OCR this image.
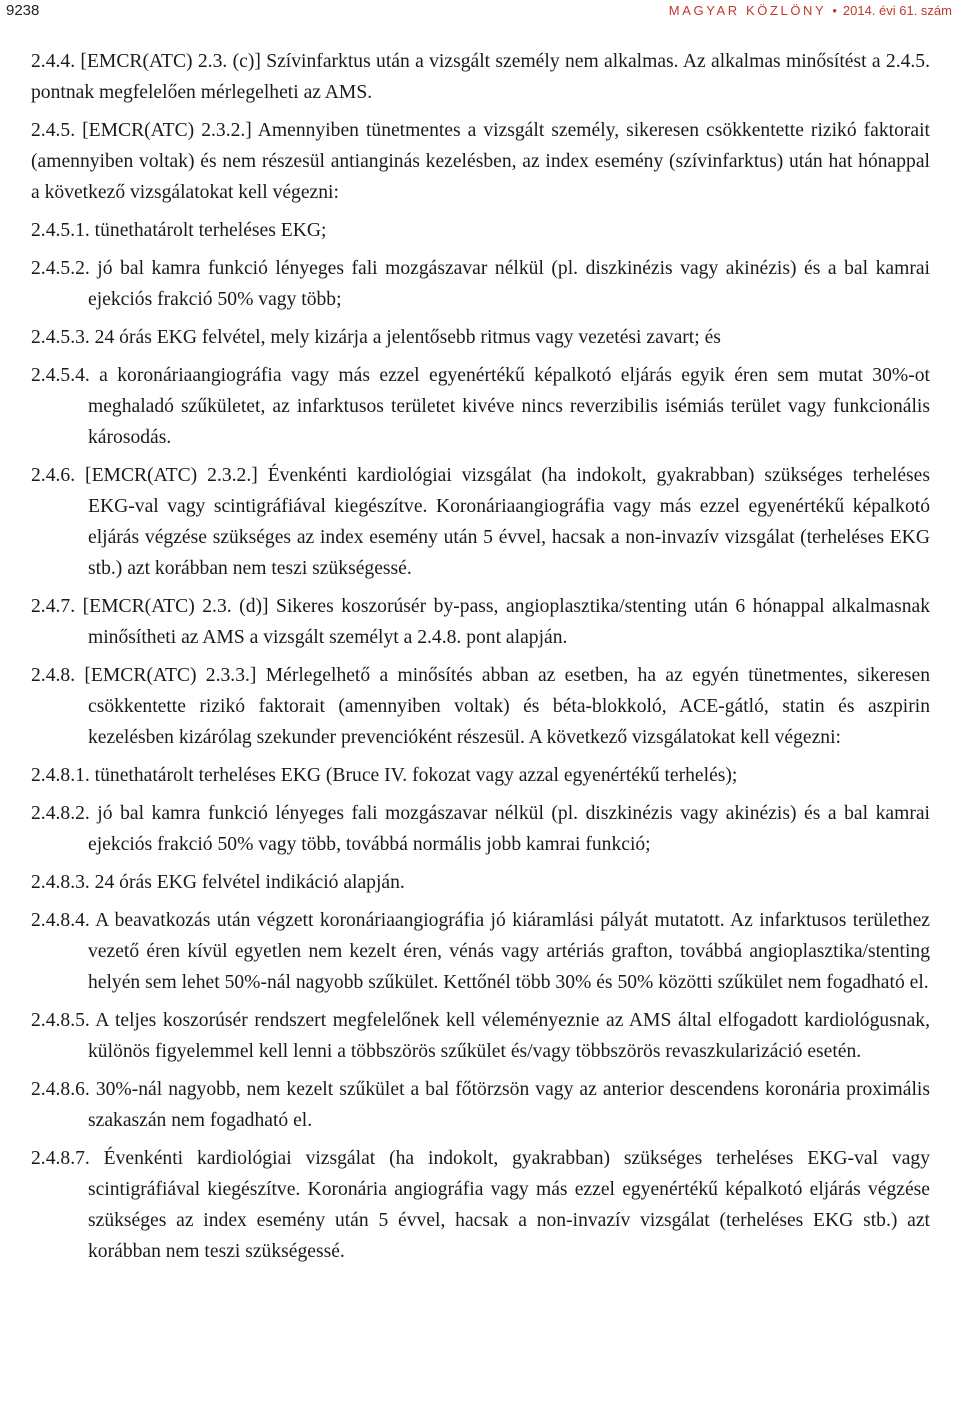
9238	MAGYAR KÖZLÖNY • 2014. évi 61. szám

2.4.4. [EMCR(ATC) 2.3. (c)] Szívinfarktus után a vizsgált személy nem alkalmas. Az alkalmas minősítést a 2.4.5. pontnak megfelelően mérlegelheti az AMS.

2.4.5. [EMCR(ATC) 2.3.2.] Amennyiben tünetmentes a vizsgált személy, sikeresen csökkentette rizikó faktorait (amennyiben voltak) és nem részesül antianginás kezelésben, az index esemény (szívinfarktus) után hat hónappal a következő vizsgálatokat kell végezni:

2.4.5.1. tünethatárolt terheléses EKG;

2.4.5.2. jó bal kamra funkció lényeges fali mozgászavar nélkül (pl. diszkinézis vagy akinézis) és a bal kamrai ejekciós frakció 50% vagy több;

2.4.5.3. 24 órás EKG felvétel, mely kizárja a jelentősebb ritmus vagy vezetési zavart; és

2.4.5.4. a koronáriaangiográfia vagy más ezzel egyenértékű képalkotó eljárás egyik éren sem mutat 30%-ot meghaladó szűkületet, az infarktusos területet kivéve nincs reverzibilis isémiás terület vagy funkcionális károsodás.

2.4.6. [EMCR(ATC) 2.3.2.] Évenkénti kardiológiai vizsgálat (ha indokolt, gyakrabban) szükséges terheléses EKG-val vagy scintigráfiával kiegészítve. Koronáriaangiográfia vagy más ezzel egyenértékű képalkotó eljárás végzése szükséges az index esemény után 5 évvel, hacsak a non-invazív vizsgálat (terheléses EKG stb.) azt korábban nem teszi szükségessé.

2.4.7. [EMCR(ATC) 2.3. (d)] Sikeres koszorúsér by-pass, angioplasztika/stenting után 6 hónappal alkalmasnak minősítheti az AMS a vizsgált személyt a 2.4.8. pont alapján.

2.4.8. [EMCR(ATC) 2.3.3.] Mérlegelhető a minősítés abban az esetben, ha az egyén tünetmentes, sikeresen csökkentette rizikó faktorait (amennyiben voltak) és béta-blokkoló, ACE-gátló, statin és aszpirin kezelésben kizárólag szekunder prevencióként részesül. A következő vizsgálatokat kell végezni:

2.4.8.1. tünethatárolt terheléses EKG (Bruce IV. fokozat vagy azzal egyenértékű terhelés);

2.4.8.2. jó bal kamra funkció lényeges fali mozgászavar nélkül (pl. diszkinézis vagy akinézis) és a bal kamrai ejekciós frakció 50% vagy több, továbbá normális jobb kamrai funkció;

2.4.8.3. 24 órás EKG felvétel indikáció alapján.

2.4.8.4. A beavatkozás után végzett koronáriaangiográfia jó kiáramlási pályát mutatott. Az infarktusos területhez vezető éren kívül egyetlen nem kezelt éren, vénás vagy artériás grafton, továbbá angioplasztika/stenting helyén sem lehet 50%-nál nagyobb szűkület. Kettőnél több 30% és 50% közötti szűkület nem fogadható el.

2.4.8.5. A teljes koszorúsér rendszert megfelelőnek kell véleményeznie az AMS által elfogadott kardiológusnak, különös figyelemmel kell lenni a többszörös szűkület és/vagy többszörös revaszkularizáció esetén.

2.4.8.6. 30%-nál nagyobb, nem kezelt szűkület a bal főtörzsön vagy az anterior descendens koronária proximális szakaszán nem fogadható el.

2.4.8.7. Évenkénti kardiológiai vizsgálat (ha indokolt, gyakrabban) szükséges terheléses EKG-val vagy scintigráfiával kiegészítve. Koronária angiográfia vagy más ezzel egyenértékű képalkotó eljárás végzése szükséges az index esemény után 5 évvel, hacsak a non-invazív vizsgálat (terheléses EKG stb.) azt korábban nem teszi szükségessé.
